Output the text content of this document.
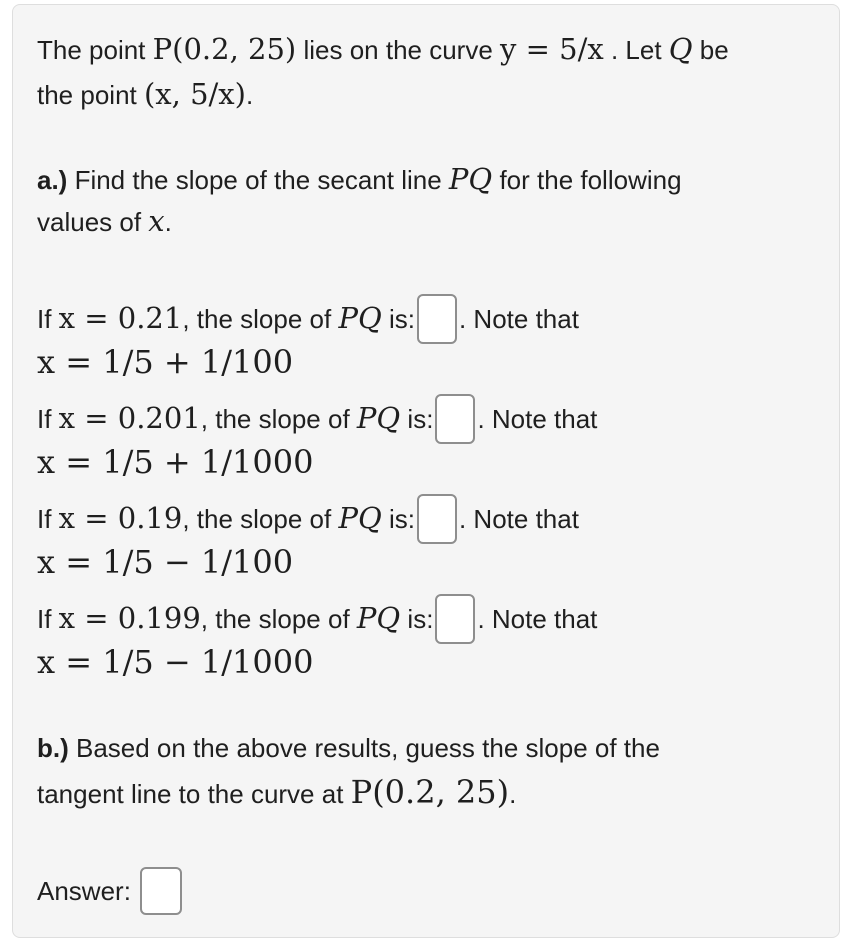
The point P(0.2, 25) lies on the curve y = 5/x . Let Q be
the point (x, 5/x).
a.) Find the slope of the secant line PQ for the following
values of x.
If x = 0.21, the slope of PQ is: . Note that
x = 1/5 + 1/100
If x = 0.201, the slope of PQ is: . Note that
x = 1/5 + 1/1000
If x = 0.19, the slope of PQ is: . Note that
x = 1/5 − 1/100
If x = 0.199, the slope of PQ is: . Note that
x = 1/5 − 1/1000
b.) Based on the above results, guess the slope of the
tangent line to the curve at P(0.2, 25).
Answer:
